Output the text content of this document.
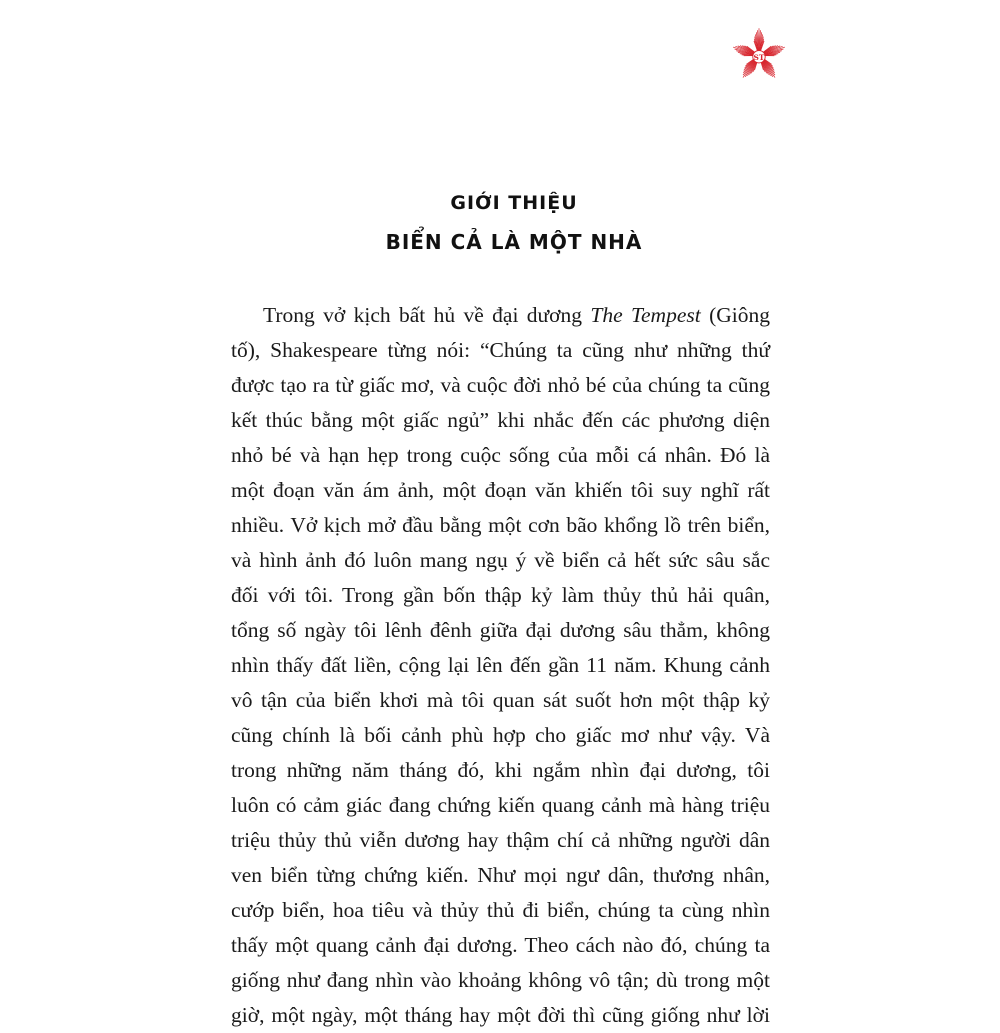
ST
GIỚI THIỆU
BIỂN CẢ LÀ MỘT NHÀ
Trong vở kịch bất hủ về đại dương The Tempest (Giông
tố), Shakespeare từng nói: “Chúng ta cũng như những thứ
được tạo ra từ giấc mơ, và cuộc đời nhỏ bé của chúng ta cũng
kết thúc bằng một giấc ngủ” khi nhắc đến các phương diện
nhỏ bé và hạn hẹp trong cuộc sống của mỗi cá nhân. Đó là
một đoạn văn ám ảnh, một đoạn văn khiến tôi suy nghĩ rất
nhiều. Vở kịch mở đầu bằng một cơn bão khổng lồ trên biển,
và hình ảnh đó luôn mang ngụ ý về biển cả hết sức sâu sắc
đối với tôi. Trong gần bốn thập kỷ làm thủy thủ hải quân,
tổng số ngày tôi lênh đênh giữa đại dương sâu thẳm, không
nhìn thấy đất liền, cộng lại lên đến gần 11 năm. Khung cảnh
vô tận của biển khơi mà tôi quan sát suốt hơn một thập kỷ
cũng chính là bối cảnh phù hợp cho giấc mơ như vậy. Và
trong những năm tháng đó, khi ngắm nhìn đại dương, tôi
luôn có cảm giác đang chứng kiến quang cảnh mà hàng triệu
triệu thủy thủ viễn dương hay thậm chí cả những người dân
ven biển từng chứng kiến. Như mọi ngư dân, thương nhân,
cướp biển, hoa tiêu và thủy thủ đi biển, chúng ta cùng nhìn
thấy một quang cảnh đại dương. Theo cách nào đó, chúng ta
giống như đang nhìn vào khoảng không vô tận; dù trong một
giờ, một ngày, một tháng hay một đời thì cũng giống như lời
